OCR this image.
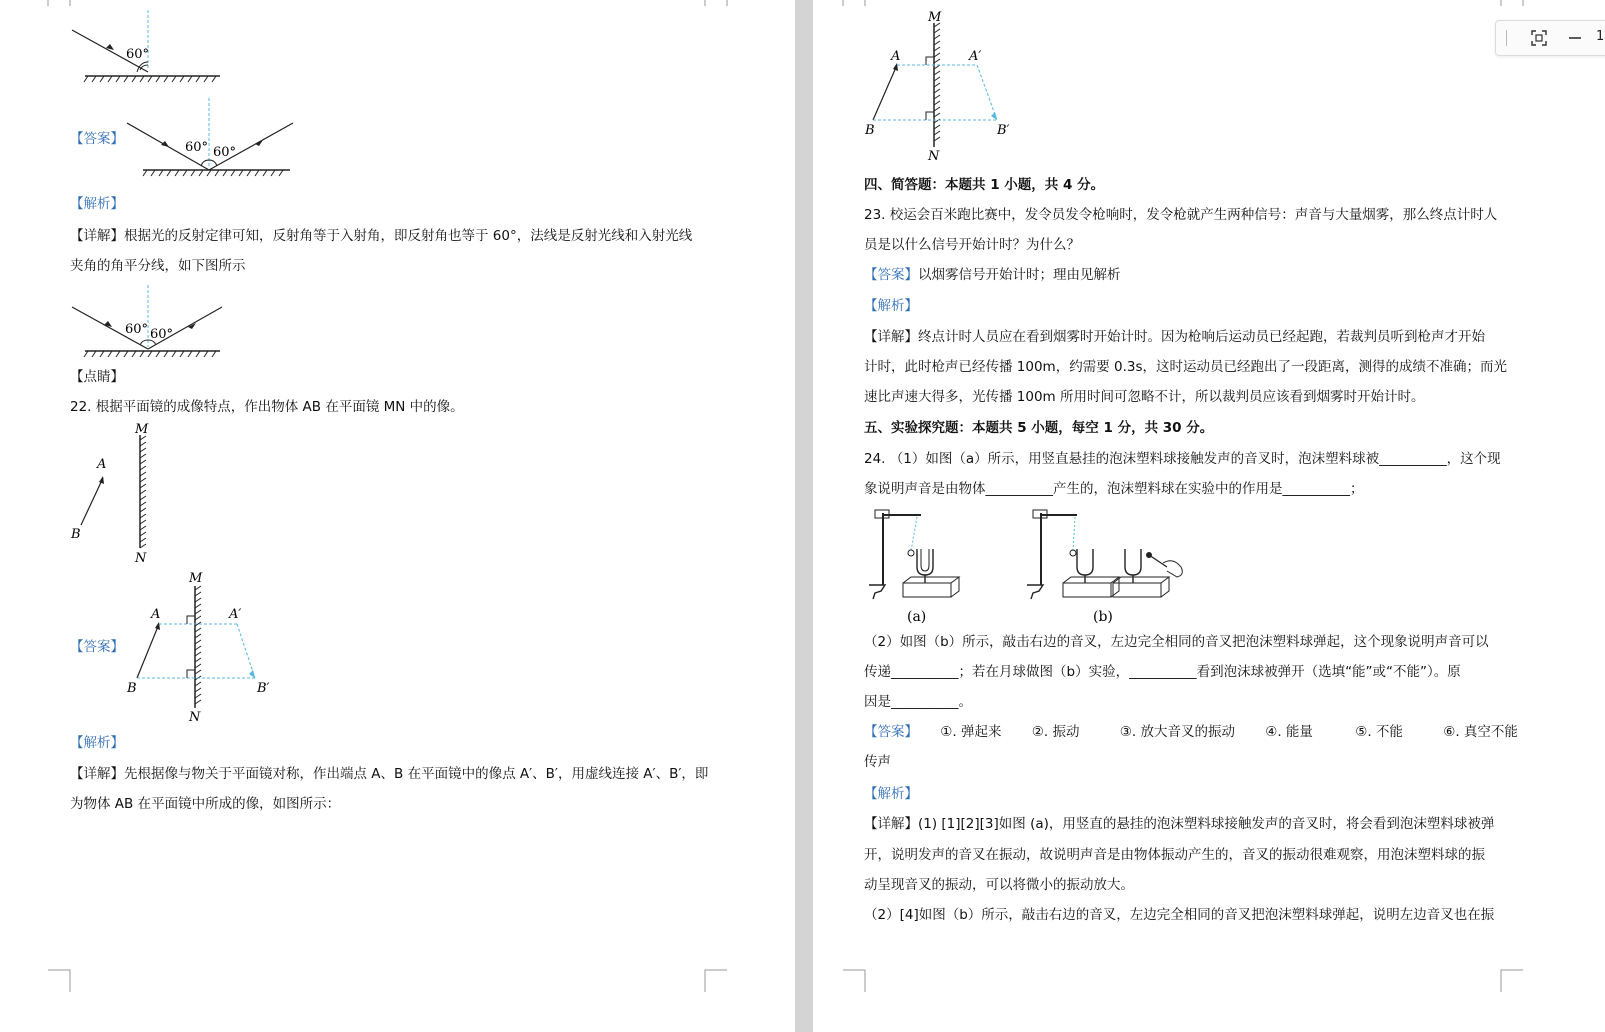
60°
【答案】
60° 60°
【解析】
【详解】根据光的反射定律可知，反射角等于入射角，即反射角也等于 60°，法线是反射光线和入射光线
夹角的角平分线，如下图所示
60° 60°
【点睛】
22. 根据平面镜的成像特点，作出物体 AB 在平面镜 MN 中的像。
M
N
A
B
【答案】
M
N
A
B
A′
B′
【解析】
【详解】先根据像与物关于平面镜对称，作出端点 A、B 在平面镜中的像点 A′、B′，用虚线连接 A′、B′，即
为物体 AB 在平面镜中所成的像，如图所示：
M
N
A
B
A′
B′
四、简答题：本题共 1 小题，共 4 分。
23. 校运会百米跑比赛中，发令员发令枪响时，发令枪就产生两种信号：声音与大量烟雾，那么终点计时人
员是以什么信号开始计时？为什么？
【答案】以烟雾信号开始计时；理由见解析
【解析】
【详解】终点计时人员应在看到烟雾时开始计时。因为枪响后运动员已经起跑，若裁判员听到枪声才开始
计时，此时枪声已经传播 100m，约需要 0.3s，这时运动员已经跑出了一段距离，测得的成绩不准确；而光
速比声速大得多，光传播 100m 所用时间可忽略不计，所以裁判员应该看到烟雾时开始计时。
五、实验探究题：本题共 5 小题，每空 1 分，共 30 分。
24. （1）如图（a）所示，用竖直悬挂的泡沫塑料球接触发声的音叉时，泡沫塑料球被__________，这个现
象说明声音是由物体__________产生的，泡沫塑料球在实验中的作用是__________；
(a)	(b)
（2）如图（b）所示，敲击右边的音叉，左边完全相同的音叉把泡沫塑料球弹起，这个现象说明声音可以
传递__________；若在月球做图（b）实验，__________看到泡沫球被弹开（选填“能”或“不能”）。原
因是__________。
【答案】 ①. 弹起来 ②. 振动	③. 放大音叉的振动 ④. 能量	⑤. 不能	⑥. 真空不能
传声
【解析】
【详解】(1) [1][2][3]如图 (a)，用竖直的悬挂的泡沫塑料球接触发声的音叉时，将会看到泡沫塑料球被弹
开，说明发声的音叉在振动，故说明声音是由物体振动产生的，音叉的振动很难观察，用泡沫塑料球的振
动呈现音叉的振动，可以将微小的振动放大。
（2）[4]如图（b）所示，敲击右边的音叉，左边完全相同的音叉把泡沫塑料球弹起，说明左边音叉也在振
1
